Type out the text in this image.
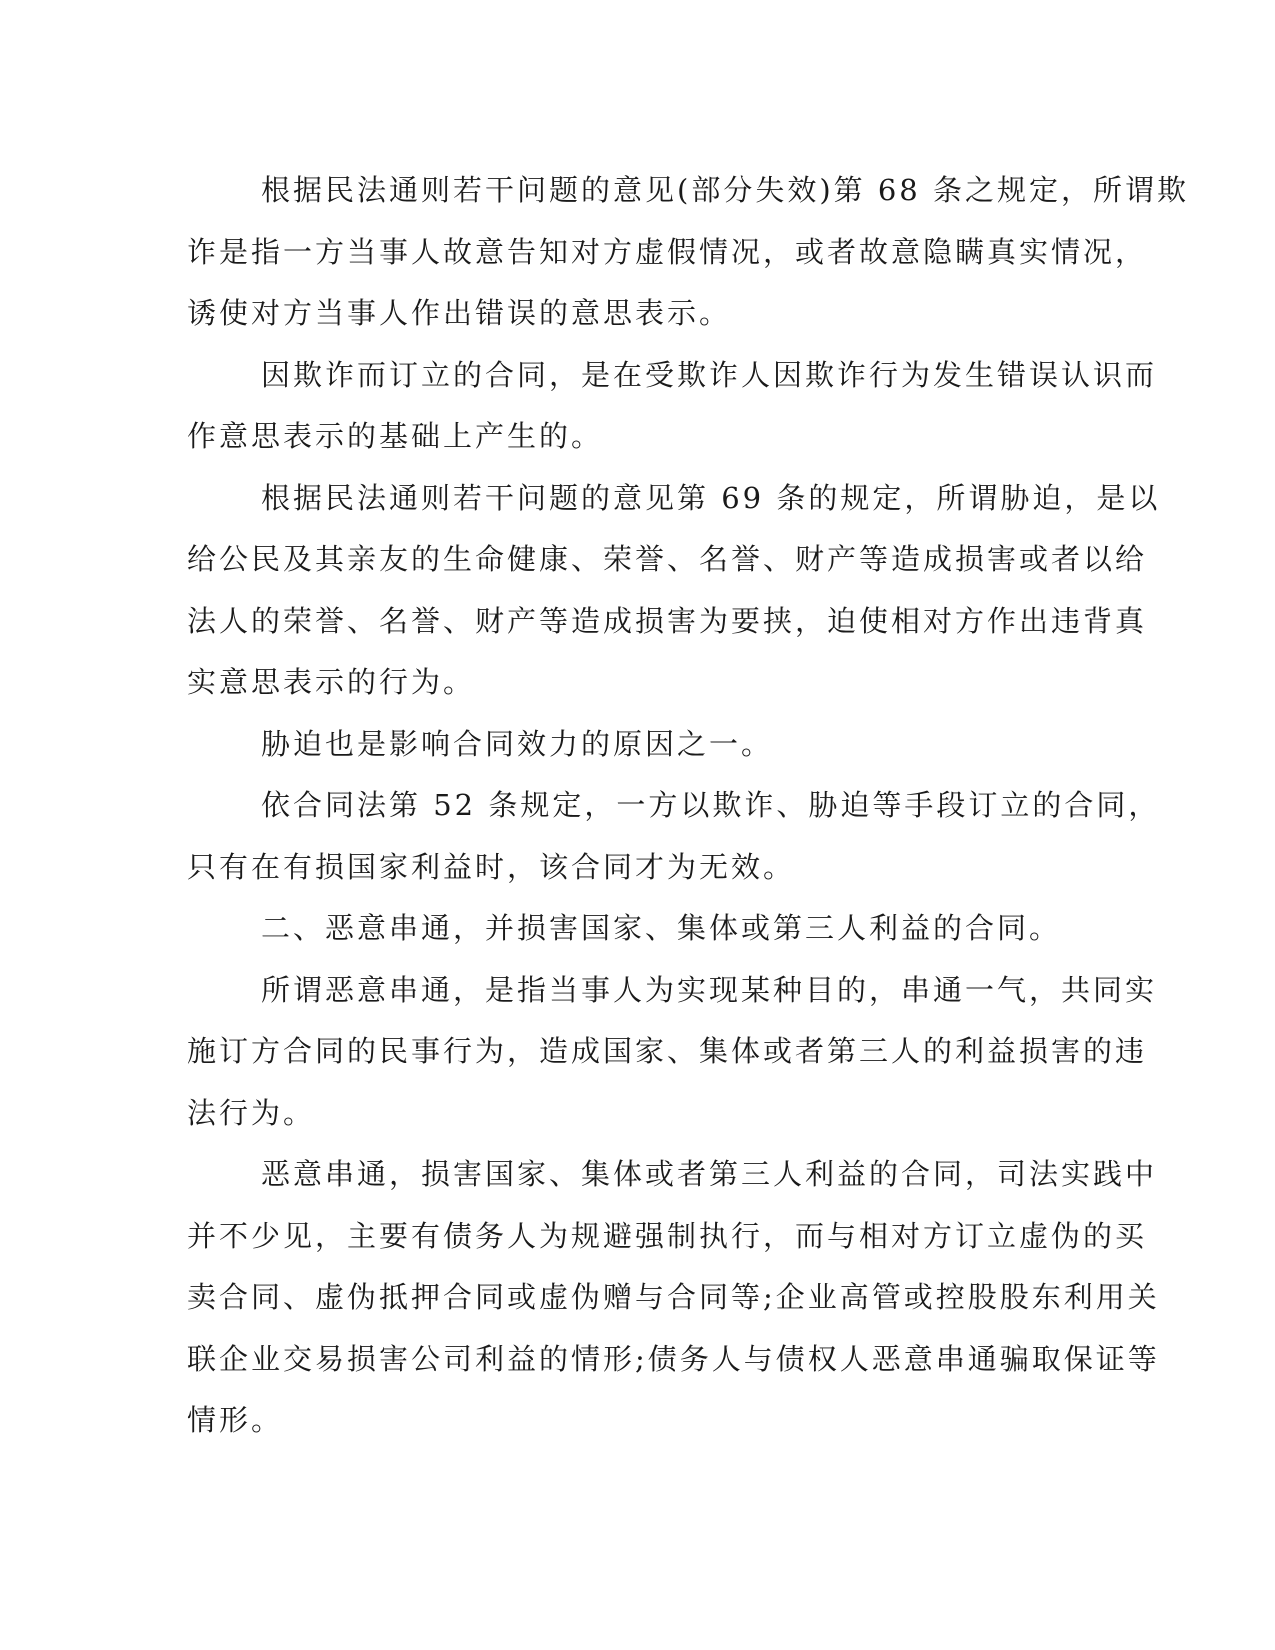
根据民法通则若干问题的意见(部分失效)第 68 条之规定，所谓欺
诈是指一方当事人故意告知对方虚假情况，或者故意隐瞒真实情况，
诱使对方当事人作出错误的意思表示。
因欺诈而订立的合同，是在受欺诈人因欺诈行为发生错误认识而
作意思表示的基础上产生的。
根据民法通则若干问题的意见第 69 条的规定，所谓胁迫，是以
给公民及其亲友的生命健康、荣誉、名誉、财产等造成损害或者以给
法人的荣誉、名誉、财产等造成损害为要挟，迫使相对方作出违背真
实意思表示的行为。
胁迫也是影响合同效力的原因之一。
依合同法第 52 条规定，一方以欺诈、胁迫等手段订立的合同，
只有在有损国家利益时，该合同才为无效。
二、恶意串通，并损害国家、集体或第三人利益的合同。
所谓恶意串通，是指当事人为实现某种目的，串通一气，共同实
施订方合同的民事行为，造成国家、集体或者第三人的利益损害的违
法行为。
恶意串通，损害国家、集体或者第三人利益的合同，司法实践中
并不少见，主要有债务人为规避强制执行，而与相对方订立虚伪的买
卖合同、虚伪抵押合同或虚伪赠与合同等;企业高管或控股股东利用关
联企业交易损害公司利益的情形;债务人与债权人恶意串通骗取保证等
情形。
